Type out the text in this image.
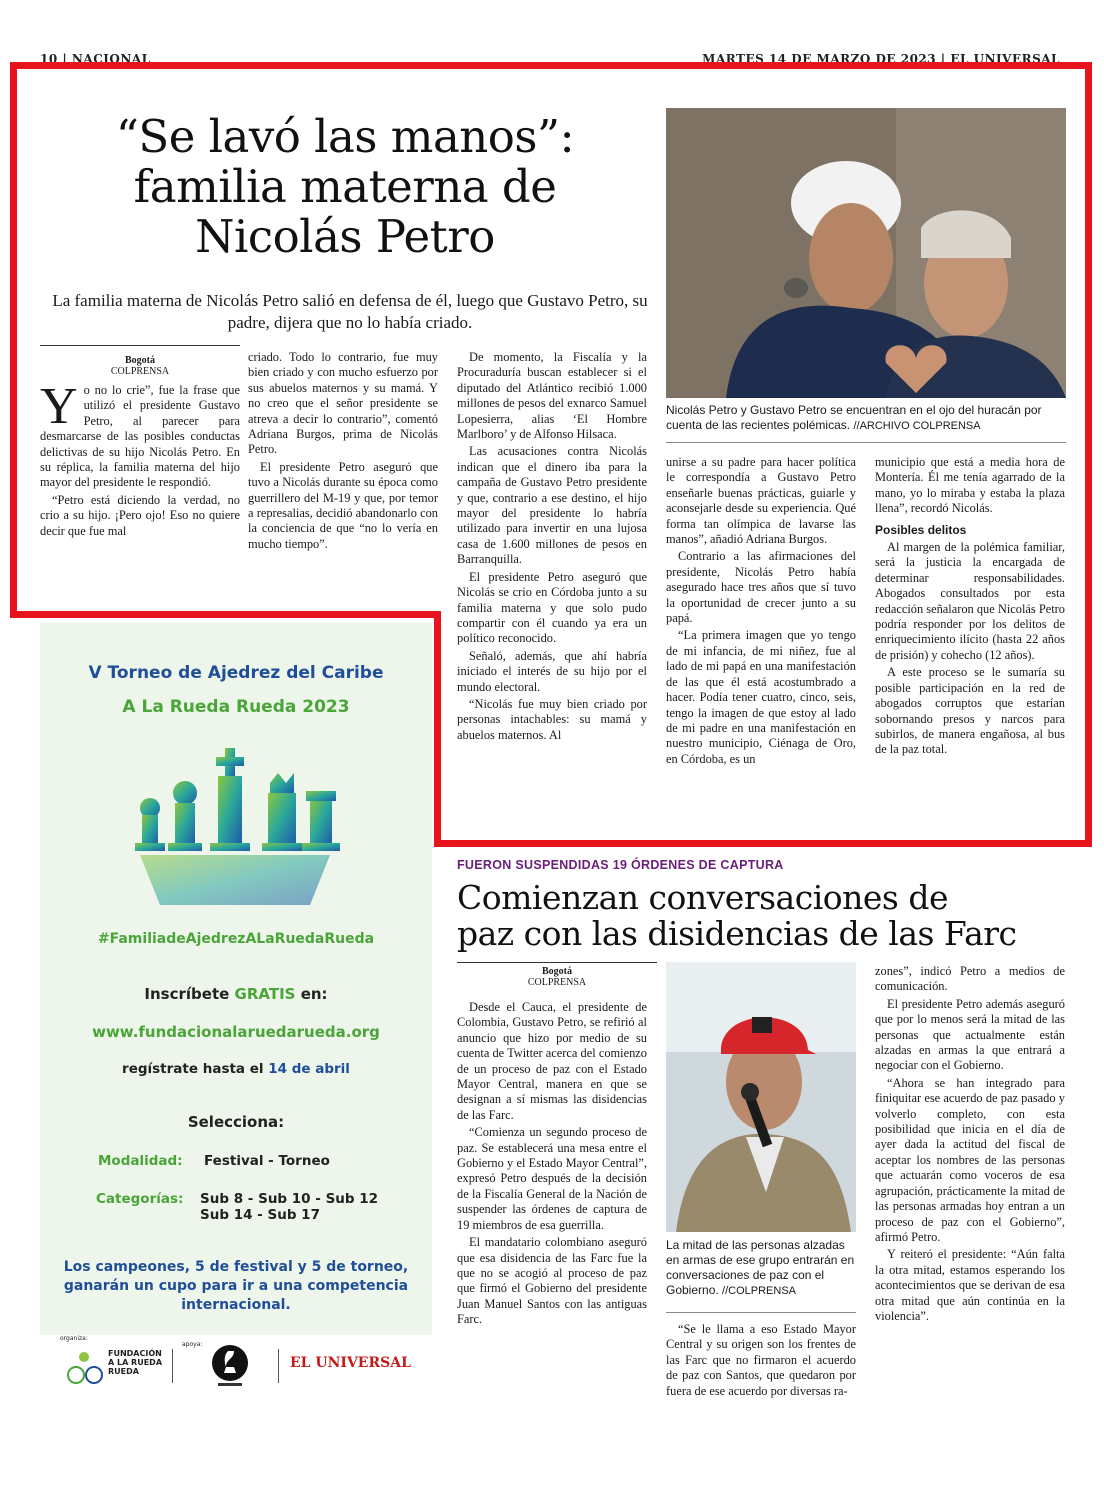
10 | NACIONAL	MARTES 14 DE MARZO DE 2023 | EL UNIVERSAL
“Se lavó las manos”:
familia materna de
Nicolás Petro
La familia materna de Nicolás Petro salió en defensa de él, luego que Gustavo Petro, su padre, dijera que no lo había criado.
Nicolás Petro y Gustavo Petro se encuentran en el ojo del huracán por cuenta de las recientes polémicas. //ARCHIVO COLPRENSA
Bogotá
COLPRENSA

Yo no lo crie”, fue la frase que utilizó el presidente Gustavo Petro, al parecer para desmarcarse de las posibles conductas delictivas de su hijo Nicolás Petro. En su réplica, la familia materna del hijo mayor del presidente le respondió.

“Petro está diciendo la verdad, no crio a su hijo. ¡Pero ojo! Eso no quiere decir que fue mal

criado. Todo lo contrario, fue muy bien criado y con mucho esfuerzo por sus abuelos maternos y su mamá. Y no creo que el señor presidente se atreva a decir lo contrario”, comentó Adriana Burgos, prima de Nicolás Petro.

El presidente Petro aseguró que tuvo a Nicolás durante su época como guerrillero del M-19 y que, por temor a represalias, decidió abandonarlo con la conciencia de que “no lo vería en mucho tiempo”.

De momento, la Fiscalía y la Procuraduría buscan establecer si el diputado del Atlántico recibió 1.000 millones de pesos del exnarco Samuel Lopesierra, alias ‘El Hombre Marlboro’ y de Alfonso Hilsaca.

Las acusaciones contra Nicolás indican que el dinero iba para la campaña de Gustavo Petro presidente y que, contrario a ese destino, el hijo mayor del presidente lo habría utilizado para invertir en una lujosa casa de 1.600 millones de pesos en Barranquilla.

El presidente Petro aseguró que Nicolás se crio en Córdoba junto a su familia materna y que solo pudo compartir con él cuando ya era un político reconocido.

Señaló, además, que ahí habría iniciado el interés de su hijo por el mundo electoral.

“Nicolás fue muy bien criado por personas intachables: su mamá y abuelos maternos. Al

unirse a su padre para hacer política le correspondía a Gustavo Petro enseñarle buenas prácticas, guiarle y aconsejarle desde su experiencia. Qué forma tan olímpica de lavarse las manos”, añadió Adriana Burgos.

Contrario a las afirmaciones del presidente, Nicolás Petro había asegurado hace tres años que sí tuvo la oportunidad de crecer junto a su papá.

“La primera imagen que yo tengo de mi infancia, de mi niñez, fue al lado de mi papá en una manifestación de las que él está acostumbrado a hacer. Podía tener cuatro, cinco, seis, tengo la imagen de que estoy al lado de mi padre en una manifestación en nuestro municipio, Ciénaga de Oro, en Córdoba, es un

municipio que está a media hora de Montería. Él me tenía agarrado de la mano, yo lo miraba y estaba la plaza llena”, recordó Nicolás.

Posibles delitos

Al margen de la polémica familiar, será la justicia la encargada de determinar responsabilidades. Abogados consultados por esta redacción señalaron que Nicolás Petro podría responder por los delitos de enriquecimiento ilícito (hasta 22 años de prisión) y cohecho (12 años).

A este proceso se le sumaría su posible participación en la red de abogados corruptos que estarían sobornando presos y narcos para subirlos, de manera engañosa, al bus de la paz total.

V Torneo de Ajedrez del Caribe
A La Rueda Rueda 2023
#FamiliadeAjedrezALaRuedaRueda
Inscríbete GRATIS en:
www.fundacionalaruedarueda.org
regístrate hasta el 14 de abril
Selecciona:
Modalidad: Festival - Torneo
Categorías: Sub 8 - Sub 10 - Sub 12
Sub 14 - Sub 17
Los campeones, 5 de festival y 5 de torneo, ganarán un cupo para ir a una competencia internacional.
organiza:
FUNDACIÓN A LA RUEDA RUEDA
apoya:
EL UNIVERSAL
FUERON SUSPENDIDAS 19 ÓRDENES DE CAPTURA
Comienzan conversaciones de
paz con las disidencias de las Farc
Bogotá
COLPRENSA

Desde el Cauca, el presidente de Colombia, Gustavo Petro, se refirió al anuncio que hizo por medio de su cuenta de Twitter acerca del comienzo de un proceso de paz con el Estado Mayor Central, manera en que se designan a sí mismas las disidencias de las Farc.

“Comienza un segundo proceso de paz. Se establecerá una mesa entre el Gobierno y el Estado Mayor Central”, expresó Petro después de la decisión de la Fiscalía General de la Nación de suspender las órdenes de captura de 19 miembros de esa guerrilla.

El mandatario colombiano aseguró que esa disidencia de las Farc fue la que no se acogió al proceso de paz que firmó el Gobierno del presidente Juan Manuel Santos con las antiguas Farc.

La mitad de las personas alzadas en armas de ese grupo entrarán en conversaciones de paz con el Gobierno. //COLPRENSA

“Se le llama a eso Estado Mayor Central y su origen son los frentes de las Farc que no firmaron el acuerdo de paz con Santos, que quedaron por fuera de ese acuerdo por diversas ra-

zones”, indicó Petro a medios de comunicación.

El presidente Petro además aseguró que por lo menos será la mitad de las personas que actualmente están alzadas en armas la que entrará a negociar con el Gobierno.

“Ahora se han integrado para finiquitar ese acuerdo de paz pasado y volverlo completo, con esta posibilidad que inicia en el día de ayer dada la actitud del fiscal de aceptar los nombres de las personas que actuarán como voceros de esa agrupación, prácticamente la mitad de las personas armadas hoy entran a un proceso de paz con el Gobierno”, afirmó Petro.

Y reiteró el presidente: “Aún falta la otra mitad, estamos esperando los acontecimientos que se derivan de esa otra mitad que aún continúa en la violencia”.
